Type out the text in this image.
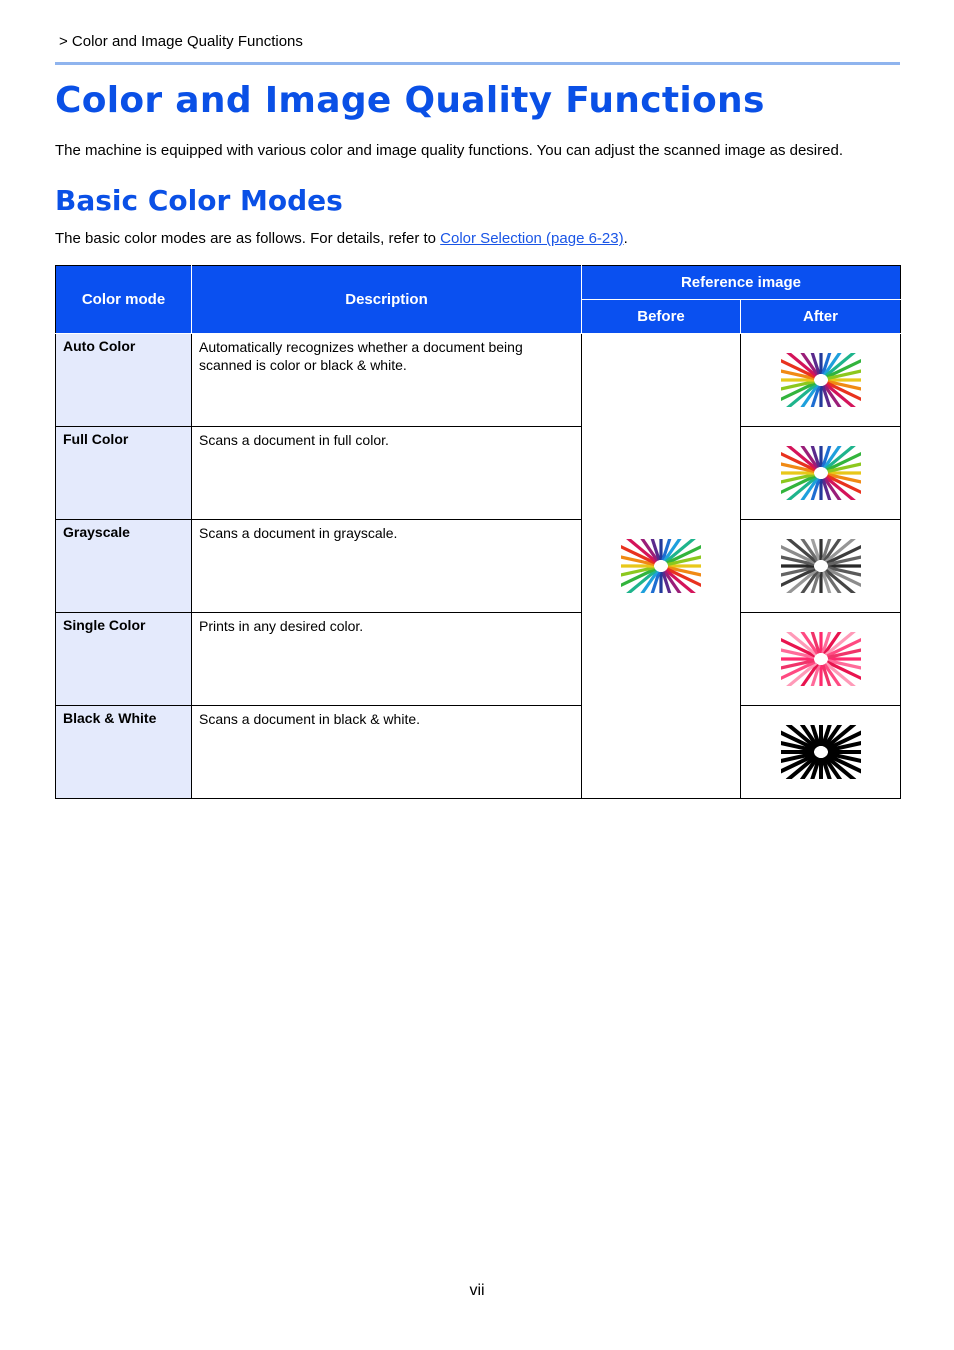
> Color and Image Quality Functions
Color and Image Quality Functions

The machine is equipped with various color and image quality functions. You can adjust the scanned image as desired.

Basic Color Modes

The basic color modes are as follows. For details, refer to Color Selection (page 6-23).

Color mode	Description	Reference image	
		Before	After
Auto Color	Automatically recognizes whether a document being scanned is color or black & white.	

Full Color	Scans a document in full color.	

Grayscale	Scans a document in grayscale.	

Single Color	Prints in any desired color.	

Black & White	Scans a document in black & white.	
vii
